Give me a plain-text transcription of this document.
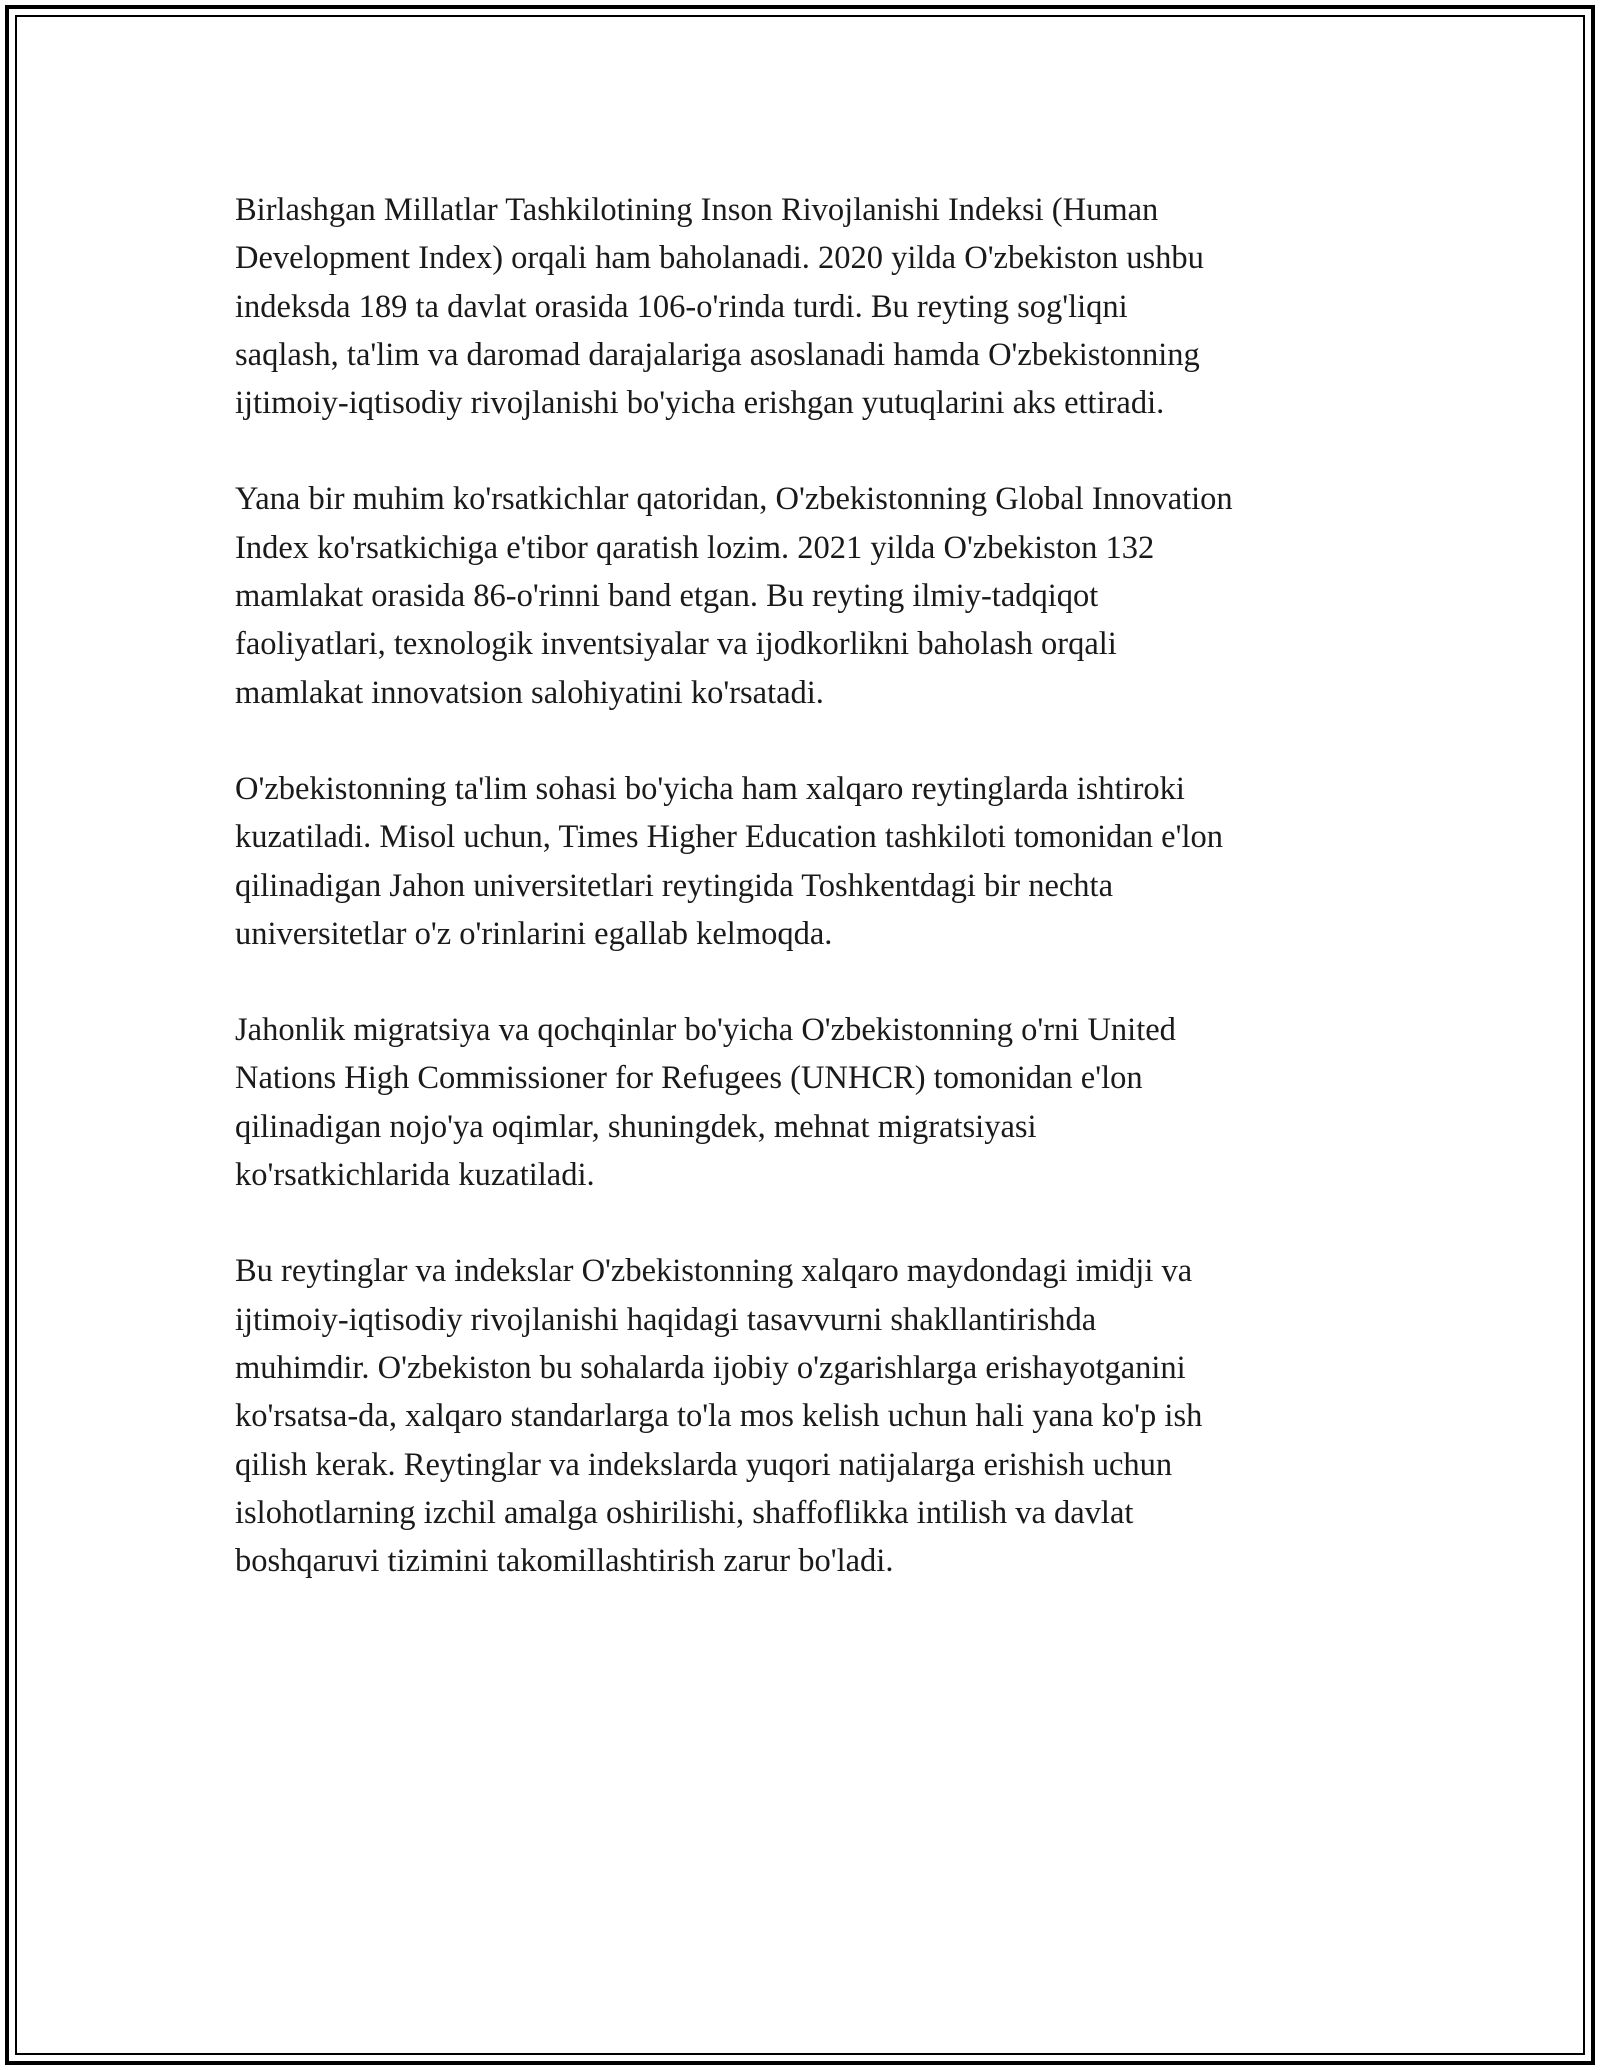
Birlashgan Millatlar Tashkilotining Inson Rivojlanishi Indeksi (Human
Development Index) orqali ham baholanadi. 2020 yilda O'zbekiston ushbu
indeksda 189 ta davlat orasida 106-o'rinda turdi. Bu reyting sog'liqni
saqlash, ta'lim va daromad darajalariga asoslanadi hamda O'zbekistonning
ijtimoiy-iqtisodiy rivojlanishi bo'yicha erishgan yutuqlarini aks ettiradi.

Yana bir muhim ko'rsatkichlar qatoridan, O'zbekistonning Global Innovation
Index ko'rsatkichiga e'tibor qaratish lozim. 2021 yilda O'zbekiston 132
mamlakat orasida 86-o'rinni band etgan. Bu reyting ilmiy-tadqiqot
faoliyatlari, texnologik inventsiyalar va ijodkorlikni baholash orqali
mamlakat innovatsion salohiyatini ko'rsatadi.

O'zbekistonning ta'lim sohasi bo'yicha ham xalqaro reytinglarda ishtiroki
kuzatiladi. Misol uchun, Times Higher Education tashkiloti tomonidan e'lon
qilinadigan Jahon universitetlari reytingida Toshkentdagi bir nechta
universitetlar o'z o'rinlarini egallab kelmoqda.

Jahonlik migratsiya va qochqinlar bo'yicha O'zbekistonning o'rni United
Nations High Commissioner for Refugees (UNHCR) tomonidan e'lon
qilinadigan nojo'ya oqimlar, shuningdek, mehnat migratsiyasi
ko'rsatkichlarida kuzatiladi.

Bu reytinglar va indekslar O'zbekistonning xalqaro maydondagi imidji va
ijtimoiy-iqtisodiy rivojlanishi haqidagi tasavvurni shakllantirishda
muhimdir. O'zbekiston bu sohalarda ijobiy o'zgarishlarga erishayotganini
ko'rsatsa-da, xalqaro standarlarga to'la mos kelish uchun hali yana ko'p ish
qilish kerak. Reytinglar va indekslarda yuqori natijalarga erishish uchun
islohotlarning izchil amalga oshirilishi, shaffoflikka intilish va davlat
boshqaruvi tizimini takomillashtirish zarur bo'ladi.
